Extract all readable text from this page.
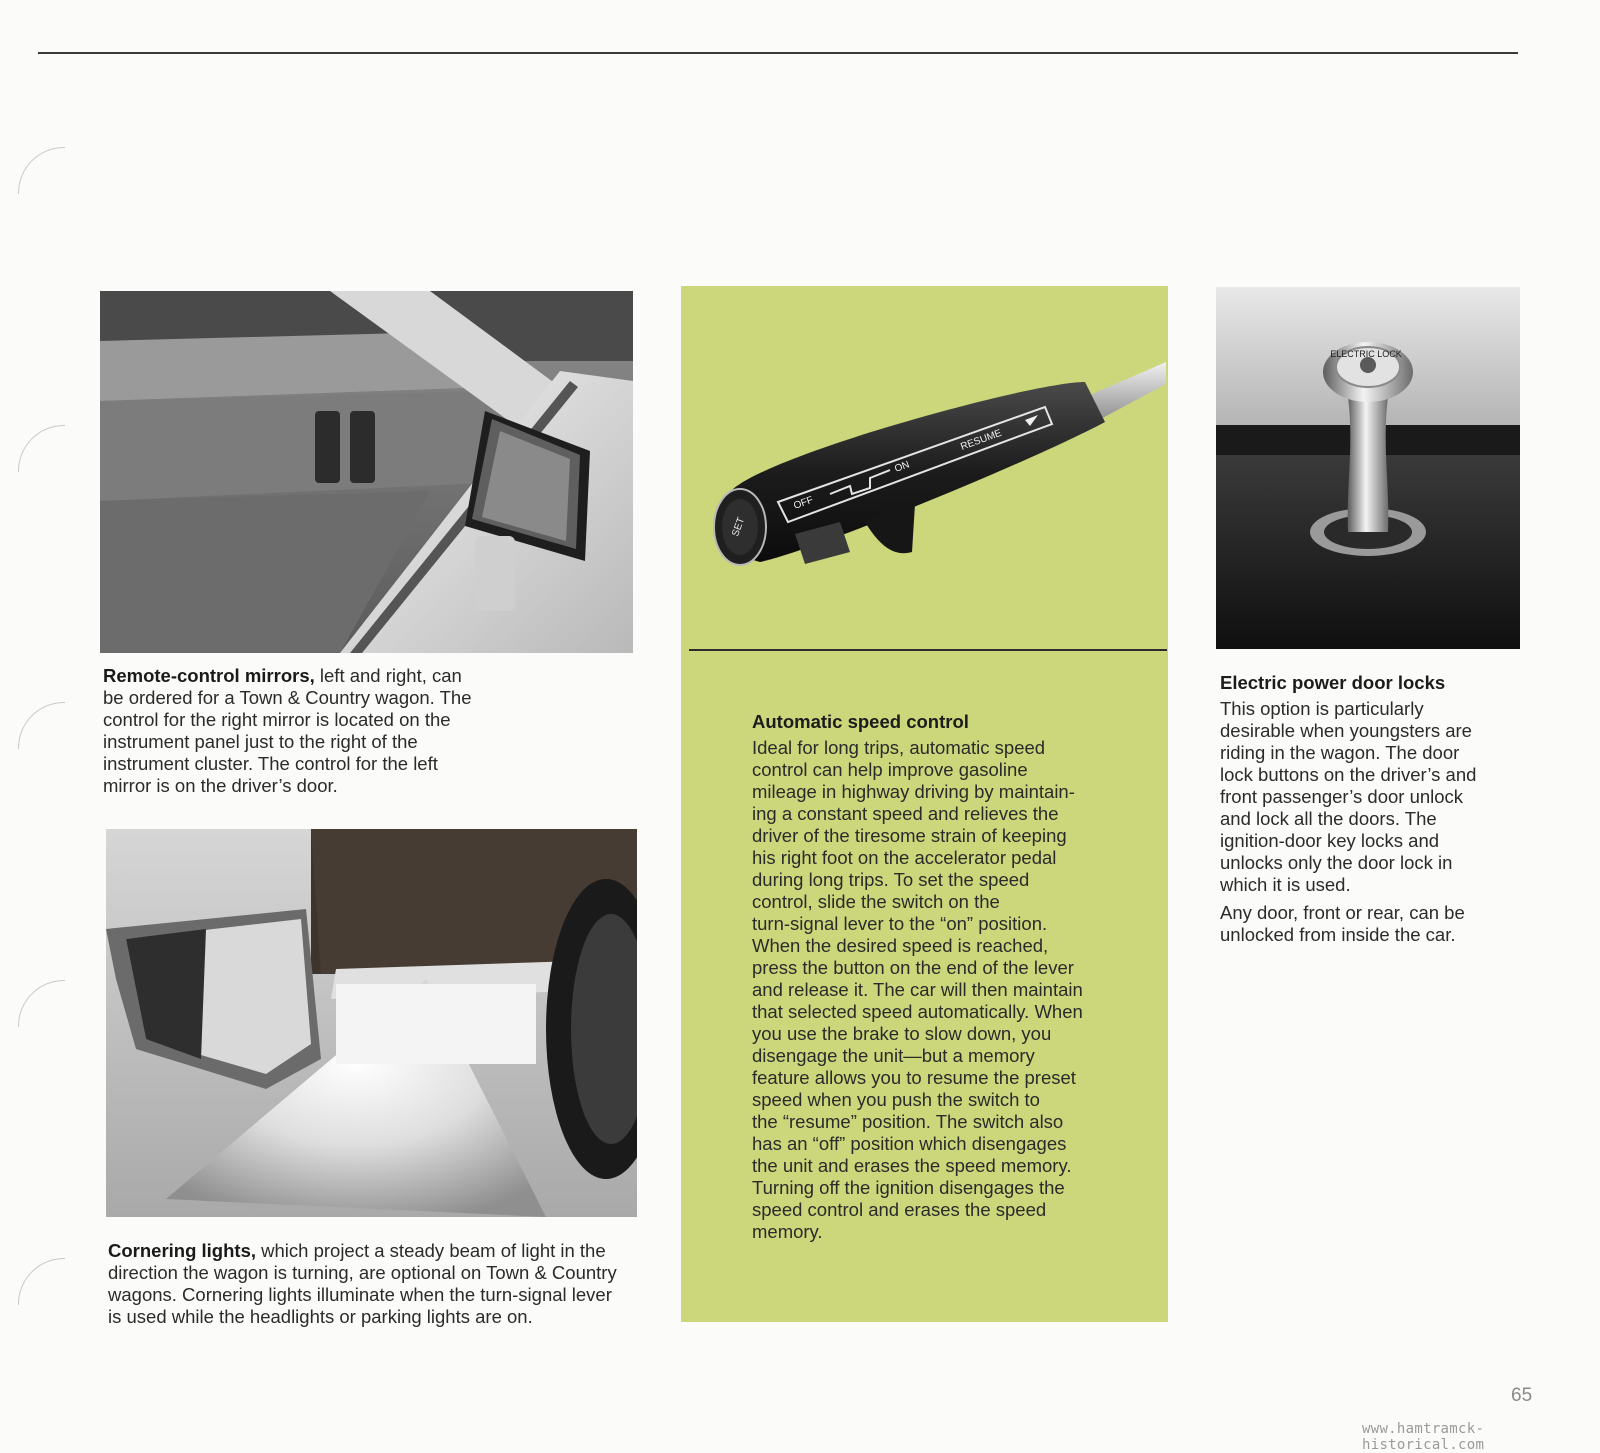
Remote-control mirrors, left and right, can
be ordered for a Town & Country wagon. The
control for the right mirror is located on the
instrument panel just to the right of the
instrument cluster. The control for the left
mirror is on the driver’s door.

Cornering lights, which project a steady beam of light in the
direction the wagon is turning, are optional on Town & Country
wagons. Cornering lights illuminate when the turn-signal lever
is used while the headlights or parking lights are on.

SET
OFF
ON
RESUME
Automatic speed control
Ideal for long trips, automatic speed
control can help improve gasoline
mileage in highway driving by maintain-
ing a constant speed and relieves the
driver of the tiresome strain of keeping
his right foot on the accelerator pedal
during long trips. To set the speed
control, slide the switch on the
turn-signal lever to the “on” position.
When the desired speed is reached,
press the button on the end of the lever
and release it. The car will then maintain
that selected speed automatically. When
you use the brake to slow down, you
disengage the unit—but a memory
feature allows you to resume the preset
speed when you push the switch to
the “resume” position. The switch also
has an “off” position which disengages
the unit and erases the speed memory.
Turning off the ignition disengages the
speed control and erases the speed
memory.
ELECTRIC LOCK
Electric power door locks
This option is particularly
desirable when youngsters are
riding in the wagon. The door
lock buttons on the driver’s and
front passenger’s door unlock
and lock all the doors. The
ignition-door key locks and
unlocks only the door lock in
which it is used.
Any door, front or rear, can be
unlocked from inside the car.
65
www.hamtramck-historical.com
